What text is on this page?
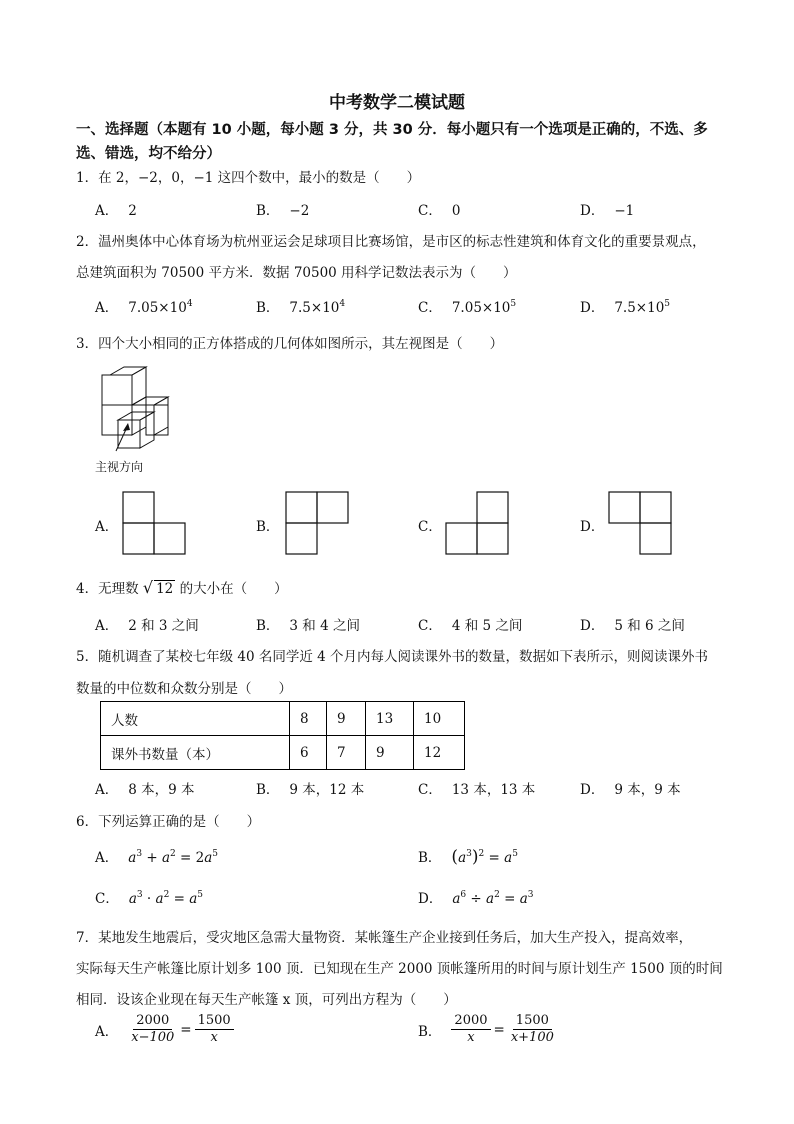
中考数学二模试题
一、选择题（本题有 10 小题，每小题 3 分，共 30 分．每小题只有一个选项是正确的，不选、多
选、错选，均不给分）
1．在 2，−2，0，−1 这四个数中，最小的数是（　　）
A． 2	B． −2	C． 0	D． −1
2．温州奥体中心体育场为杭州亚运会足球项目比赛场馆，是市区的标志性建筑和体育文化的重要景观点，
总建筑面积为 70500 平方米．数据 70500 用科学记数法表示为（　　）
A． $7.05\times 10^4$	B． $7.5\times 10^4$	C． $7.05\times 10^5$	D． $7.5\times 10^5$
3．四个大小相同的正方体搭成的几何体如图所示，其左视图是（　　）
主视方向
A．	B．	C．	D．
4．无理数 √ 12 的大小在（　　）
A． 2 和 3 之间	B． 3 和 4 之间	C． 4 和 5 之间	D． 5 和 6 之间
5．随机调查了某校七年级 40 名同学近 4 个月内每人阅读课外书的数量，数据如下表所示，则阅读课外书
数量的中位数和众数分别是（　　）
人数	8	9	13	10
课外书数量（本）	6	7	9	12
A． 8 本，9 本	B． 9 本，12 本	C． 13 本，13 本	D． 9 本，9 本
6．下列运算正确的是（　　）
A． $a^3 + a^2 = 2a^5$	B． $(a^3)^2 = a^5$
C． $a^3 \cdot a^2 = a^5$	D． $a^6 \div a^2 = a^3$
7．某地发生地震后，受灾地区急需大量物资．某帐篷生产企业接到任务后，加大生产投入，提高效率，
实际每天生产帐篷比原计划多 100 顶．已知现在生产 2000 顶帐篷所用的时间与原计划生产 1500 顶的时间
相同．设该企业现在每天生产帐篷 x 顶，可列出方程为（　　）
A． $\frac{2000}{x-100} = \frac{1500}{x}$	B． $\frac{2000}{x} = \frac{1500}{x+100}$
